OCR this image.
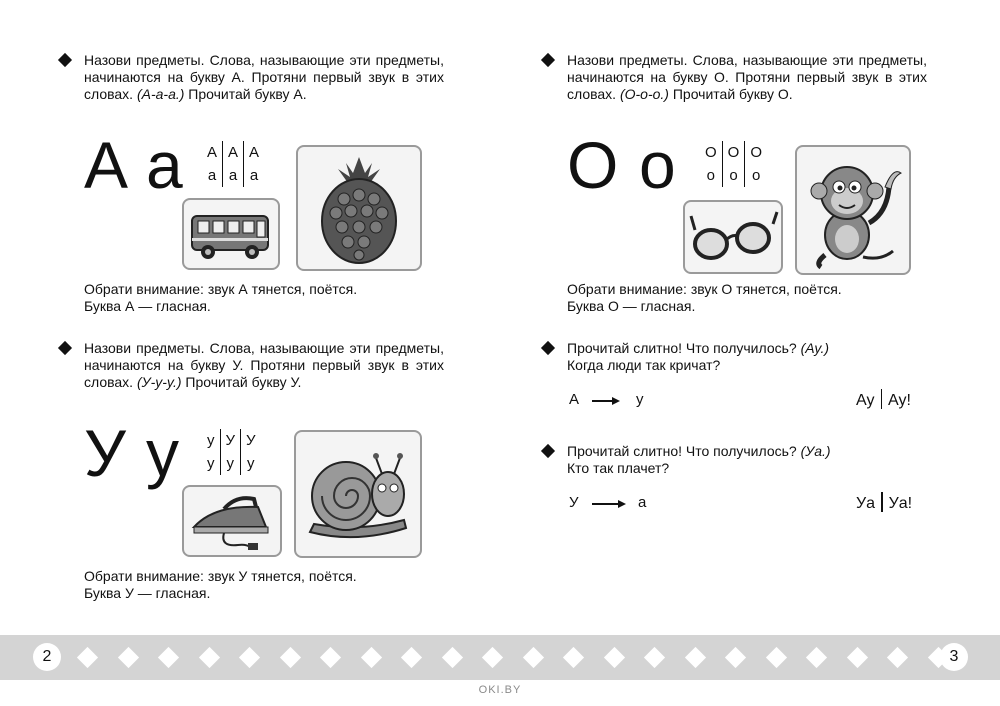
Назови предметы. Слова, называющие эти предметы, начинаются на букву А. Протяни первый звук в этих словах. (А-а-а.) Прочитай букву А.
А а А	А	А
а	а	а
Обрати внимание: звук А тянется, поётся.
Буква А — гласная.
Назови предметы. Слова, называющие эти предметы, начинаются на букву У. Протяни первый звук в этих словах. (У-у-у.) Прочитай букву У.
У у у	У	У
у	у	у
Обрати внимание: звук У тянется, поётся.
Буква У — гласная.
Назови предметы. Слова, называющие эти предметы, начинаются на букву О. Протяни первый звук в этих словах. (О-о-о.) Прочитай букву О.
О о О	О	О
о	о	о
Обрати внимание: звук О тянется, поётся.
Буква О — гласная.
Прочитай слитно! Что получилось? (Ау.)
Когда люди так кричат?
А	у	Ау Ау!
Прочитай слитно! Что получилось? (Уа.)
Кто так плачет?
У	а	Уа Уа!
2	3
OKI.BY
